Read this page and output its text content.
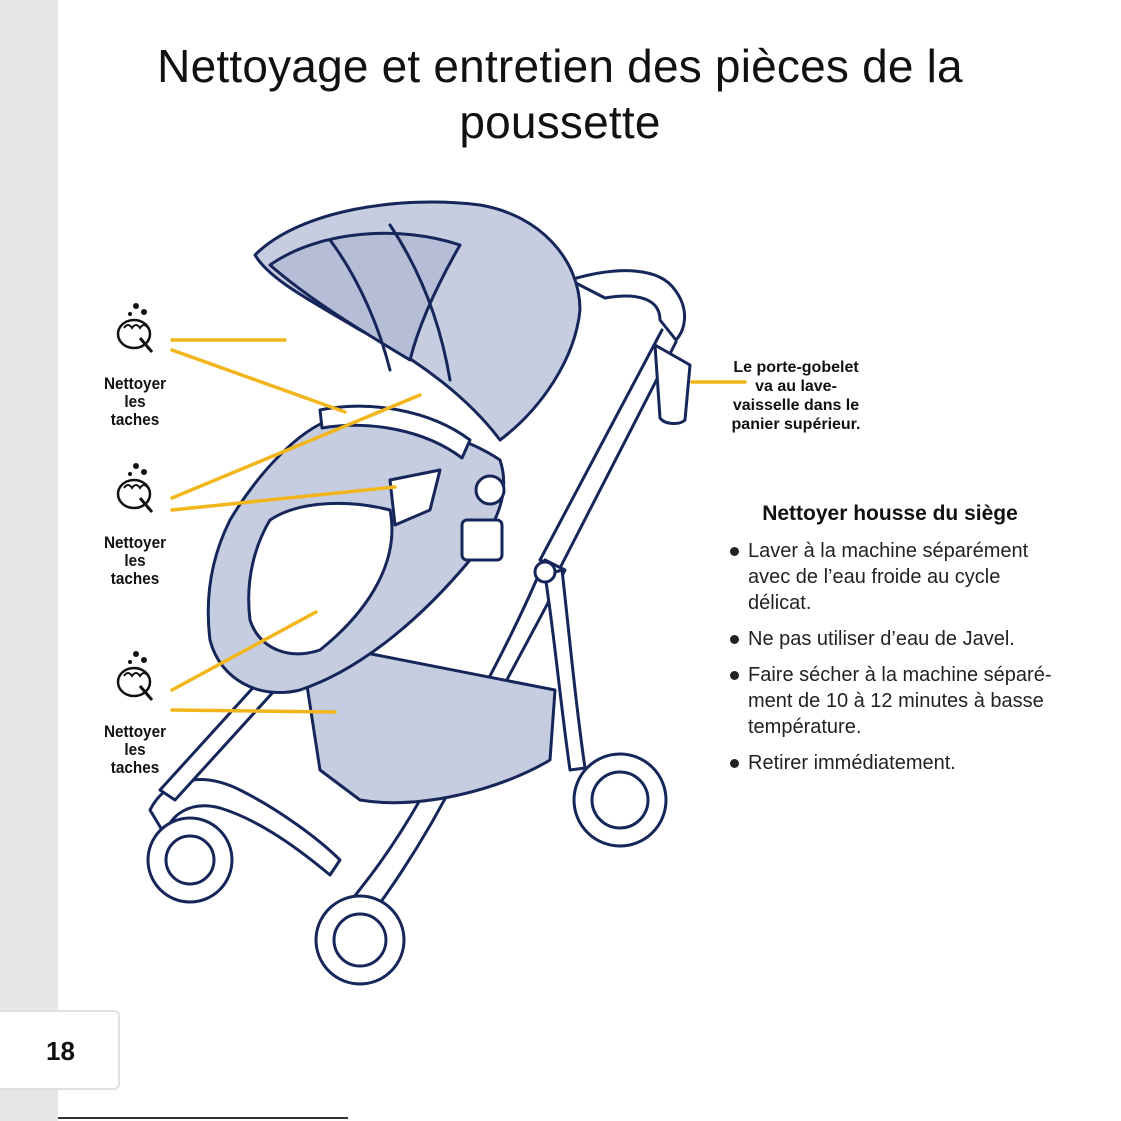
18
Nettoyage et entretien des pièces de la
poussette
Nettoyer
les
taches
Nettoyer
les
taches
Nettoyer
les
taches
Le porte-gobelet
va au lave-
vaisselle dans le
panier supérieur.
Nettoyer housse du siège
Laver à la machine séparément avec de l’eau froide au cycle délicat.
Ne pas utiliser d’eau de Javel.
Faire sécher à la machine séparé-ment de 10 à 12 minutes à basse température.
Retirer immédiatement.
